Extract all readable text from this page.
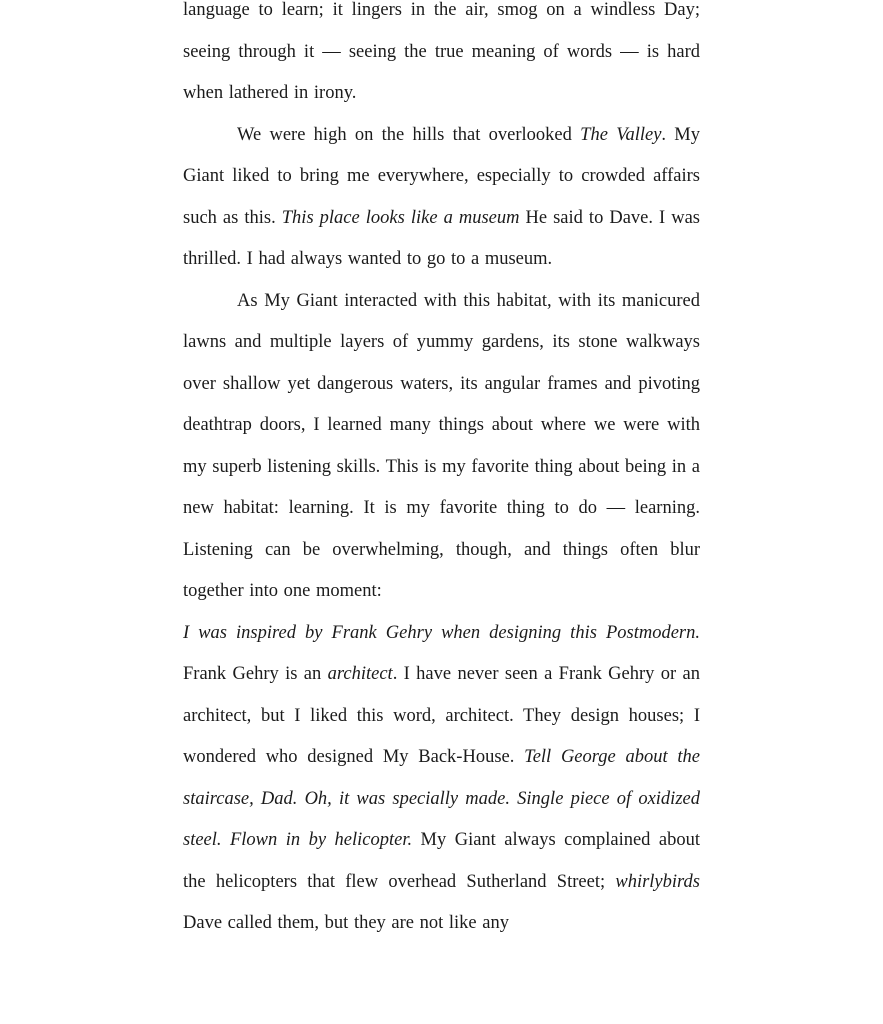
language to learn; it lingers in the air, smog on a windless Day; seeing through it — seeing the true meaning of words — is hard when lathered in irony.

We were high on the hills that overlooked The Valley. My Giant liked to bring me everywhere, especially to crowded affairs such as this. This place looks like a museum He said to Dave. I was thrilled. I had always wanted to go to a museum.

As My Giant interacted with this habitat, with its manicured lawns and multiple layers of yummy gardens, its stone walkways over shallow yet dangerous waters, its angular frames and pivoting deathtrap doors, I learned many things about where we were with my superb listening skills. This is my favorite thing about being in a new habitat: learning. It is my favorite thing to do — learning. Listening can be overwhelming, though, and things often blur together into one moment:

I was inspired by Frank Gehry when designing this Postmodern. Frank Gehry is an architect. I have never seen a Frank Gehry or an architect, but I liked this word, architect. They design houses; I wondered who designed My Back-House. Tell George about the staircase, Dad. Oh, it was specially made. Single piece of oxidized steel. Flown in by helicopter. My Giant always complained about the helicopters that flew overhead Sutherland Street; whirlybirds Dave called them, but they are not like any
